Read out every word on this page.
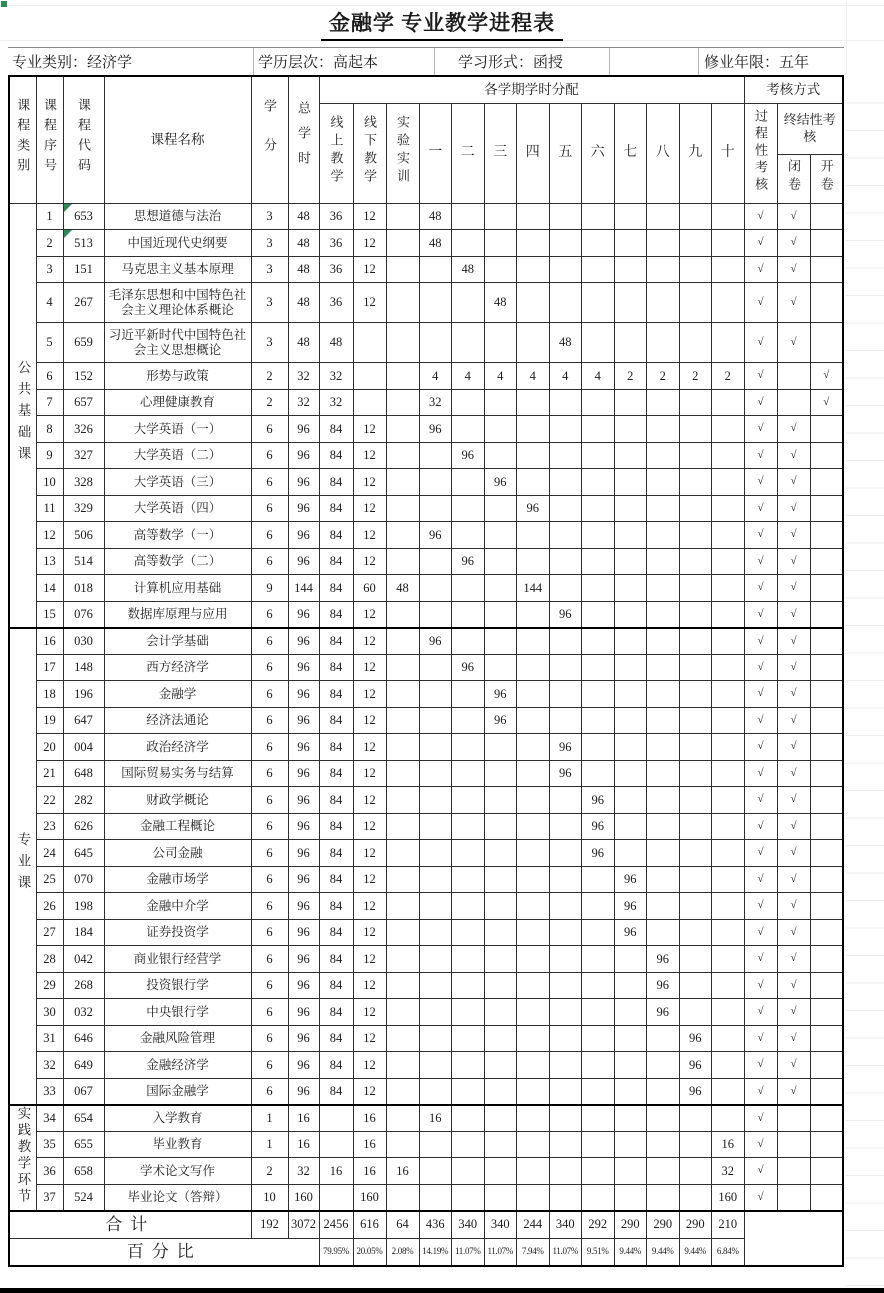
金融学 专业教学进程表
专业类别：经济学	学历层次：高起本	学习形式：函授	修业年限：五年
课程类别	课程序号	课程代码	课程名称	学分	总学时	各学期学时分配													考核方式		
						线上教学	线下教学	实验实训	一	二	三	四	五	六	七	八	九	十	过程性考核	终结性考核	
																				闭卷	开卷
公共基础课	1	653	思想道德与法治	3	48	36	12		48										√	√	
	2	513	中国近现代史纲要	3	48	36	12		48										√	√	
	3	151	马克思主义基本原理	3	48	36	12			48									√	√	
	4	267	毛泽东思想和中国特色社会主义理论体系概论	3	48	36	12				48								√	√	
	5	659	习近平新时代中国特色社会主义思想概论	3	48	48							48						√	√	
	6	152	形势与政策	2	32	32			4	4	4	4	4	4	2	2	2	2	√		√
	7	657	心理健康教育	2	32	32			32										√		√
	8	326	大学英语（一）	6	96	84	12		96										√	√	
	9	327	大学英语（二）	6	96	84	12			96									√	√	
	10	328	大学英语（三）	6	96	84	12				96								√	√	
	11	329	大学英语（四）	6	96	84	12					96							√	√	
	12	506	高等数学（一）	6	96	84	12		96										√	√	
	13	514	高等数学（二）	6	96	84	12			96									√	√	
	14	018	计算机应用基础	9	144	84	60	48				144							√	√	
	15	076	数据库原理与应用	6	96	84	12						96						√	√	
专业课	16	030	会计学基础	6	96	84	12		96										√	√	
	17	148	西方经济学	6	96	84	12			96									√	√	
	18	196	金融学	6	96	84	12				96								√	√	
	19	647	经济法通论	6	96	84	12				96								√	√	
	20	004	政治经济学	6	96	84	12						96						√	√	
	21	648	国际贸易实务与结算	6	96	84	12						96						√	√	
	22	282	财政学概论	6	96	84	12							96					√	√	
	23	626	金融工程概论	6	96	84	12							96					√	√	
	24	645	公司金融	6	96	84	12							96					√	√	
	25	070	金融市场学	6	96	84	12								96				√	√	
	26	198	金融中介学	6	96	84	12								96				√	√	
	27	184	证券投资学	6	96	84	12								96				√	√	
	28	042	商业银行经营学	6	96	84	12									96			√	√	
	29	268	投资银行学	6	96	84	12									96			√	√	
	30	032	中央银行学	6	96	84	12									96			√	√	
	31	646	金融风险管理	6	96	84	12										96		√	√	
	32	649	金融经济学	6	96	84	12										96		√	√	
	33	067	国际金融学	6	96	84	12										96		√	√	
实践教学环节	34	654	入学教育	1	16		16		16										√		
	35	655	毕业教育	1	16		16											16	√		
	36	658	学术论文写作	2	32	16	16	16										32	√		
	37	524	毕业论文（答辩）	10	160		160											160	√		
合计				192	3072	2456	616	64	436	340	340	244	340	292	290	290	290	210			
百分比						79.95%	20.05%	2.08%	14.19%	11.07%	11.07%	7.94%	11.07%	9.51%	9.44%	9.44%	9.44%	6.84%			
